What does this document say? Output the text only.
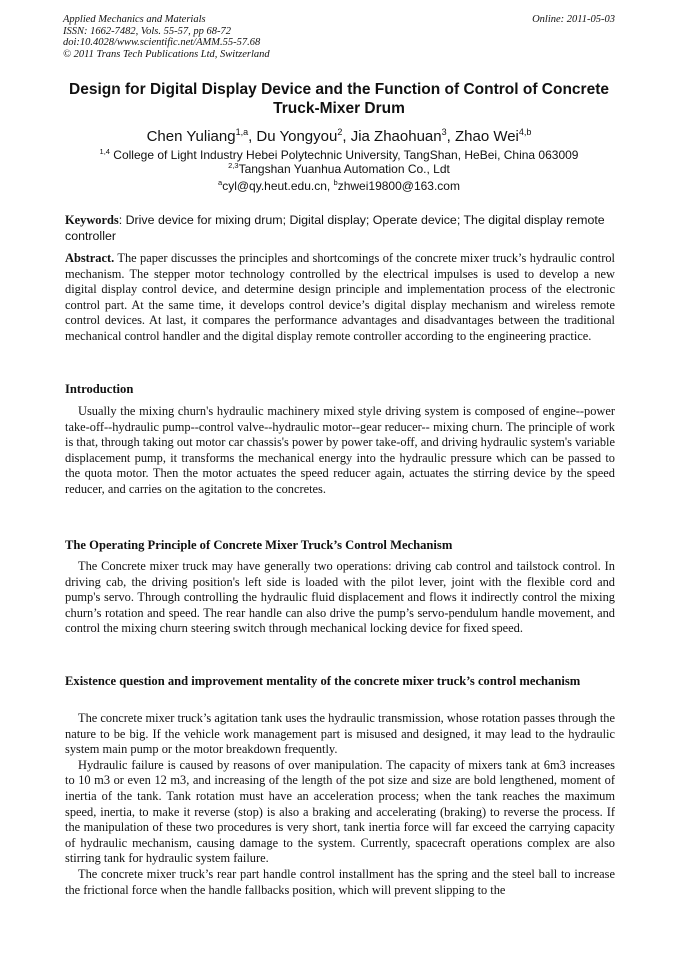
Applied Mechanics and Materials
ISSN: 1662-7482, Vols. 55-57, pp 68-72
doi:10.4028/www.scientific.net/AMM.55-57.68
© 2011 Trans Tech Publications Ltd, Switzerland
Online: 2011-05-03
Design for Digital Display Device and the Function of Control of Concrete Truck-Mixer Drum
Chen Yuliang$^{1,a}$, Du Yongyou$^2$, Jia Zhaohuan$^3$, Zhao Wei$^{4,b}$
$^{1,4}$ College of Light Industry Hebei Polytechnic University, TangShan, HeBei, China 063009
$^{2,3}$Tangshan Yuanhua Automation Co., Ldt
$^a$cyl@qy.heut.edu.cn, $^b$zhwei19800@163.com
Keywords: Drive device for mixing drum; Digital display; Operate device; The digital display remote controller
Abstract. The paper discusses the principles and shortcomings of the concrete mixer truck’s hydraulic control mechanism. The stepper motor technology controlled by the electrical impulses is used to develop a new digital display control device, and determine design principle and implementation process of the electronic control part. At the same time, it develops control device’s digital display mechanism and wireless remote control devices. At last, it compares the performance advantages and disadvantages between the traditional mechanical control handler and the digital display remote controller according to the engineering practice.
Introduction

Usually the mixing churn's hydraulic machinery mixed style driving system is composed of engine--power take-off--hydraulic pump--control valve--hydraulic motor--gear reducer-- mixing churn. The principle of work is that, through taking out motor car chassis's power by power take-off, and driving hydraulic system's variable displacement pump, it transforms the mechanical energy into the hydraulic pressure which can be passed to the quota motor. Then the motor actuates the speed reducer again, actuates the stirring device by the speed reducer, and carries on the agitation to the concretes.

The Operating Principle of Concrete Mixer Truck’s Control Mechanism

The Concrete mixer truck may have generally two operations: driving cab control and tailstock control. In driving cab, the driving position's left side is loaded with the pilot lever, joint with the flexible cord and pump's servo. Through controlling the hydraulic fluid displacement and flows it indirectly control the mixing churn’s rotation and speed. The rear handle can also drive the pump’s servo-pendulum handle movement, and control the mixing churn steering switch through mechanical locking device for fixed speed.

Existence question and improvement mentality of the concrete mixer truck’s control mechanism

The concrete mixer truck’s agitation tank uses the hydraulic transmission, whose rotation passes through the nature to be big. If the vehicle work management part is misused and designed, it may lead to the hydraulic system main pump or the motor breakdown frequently.

Hydraulic failure is caused by reasons of over manipulation. The capacity of mixers tank at 6m3 increases to 10 m3 or even 12 m3, and increasing of the length of the pot size and size are bold lengthened, moment of inertia of the tank. Tank rotation must have an acceleration process; when the tank reaches the maximum speed, inertia, to make it reverse (stop) is also a braking and accelerating (braking) to reverse the process. If the manipulation of these two procedures is very short, tank inertia force will far exceed the carrying capacity of hydraulic mechanism, causing damage to the system. Currently, spacecraft operations complex are also stirring tank for hydraulic system failure.

The concrete mixer truck’s rear part handle control installment has the spring and the steel ball to increase the frictional force when the handle fallbacks position, which will prevent slipping to the
